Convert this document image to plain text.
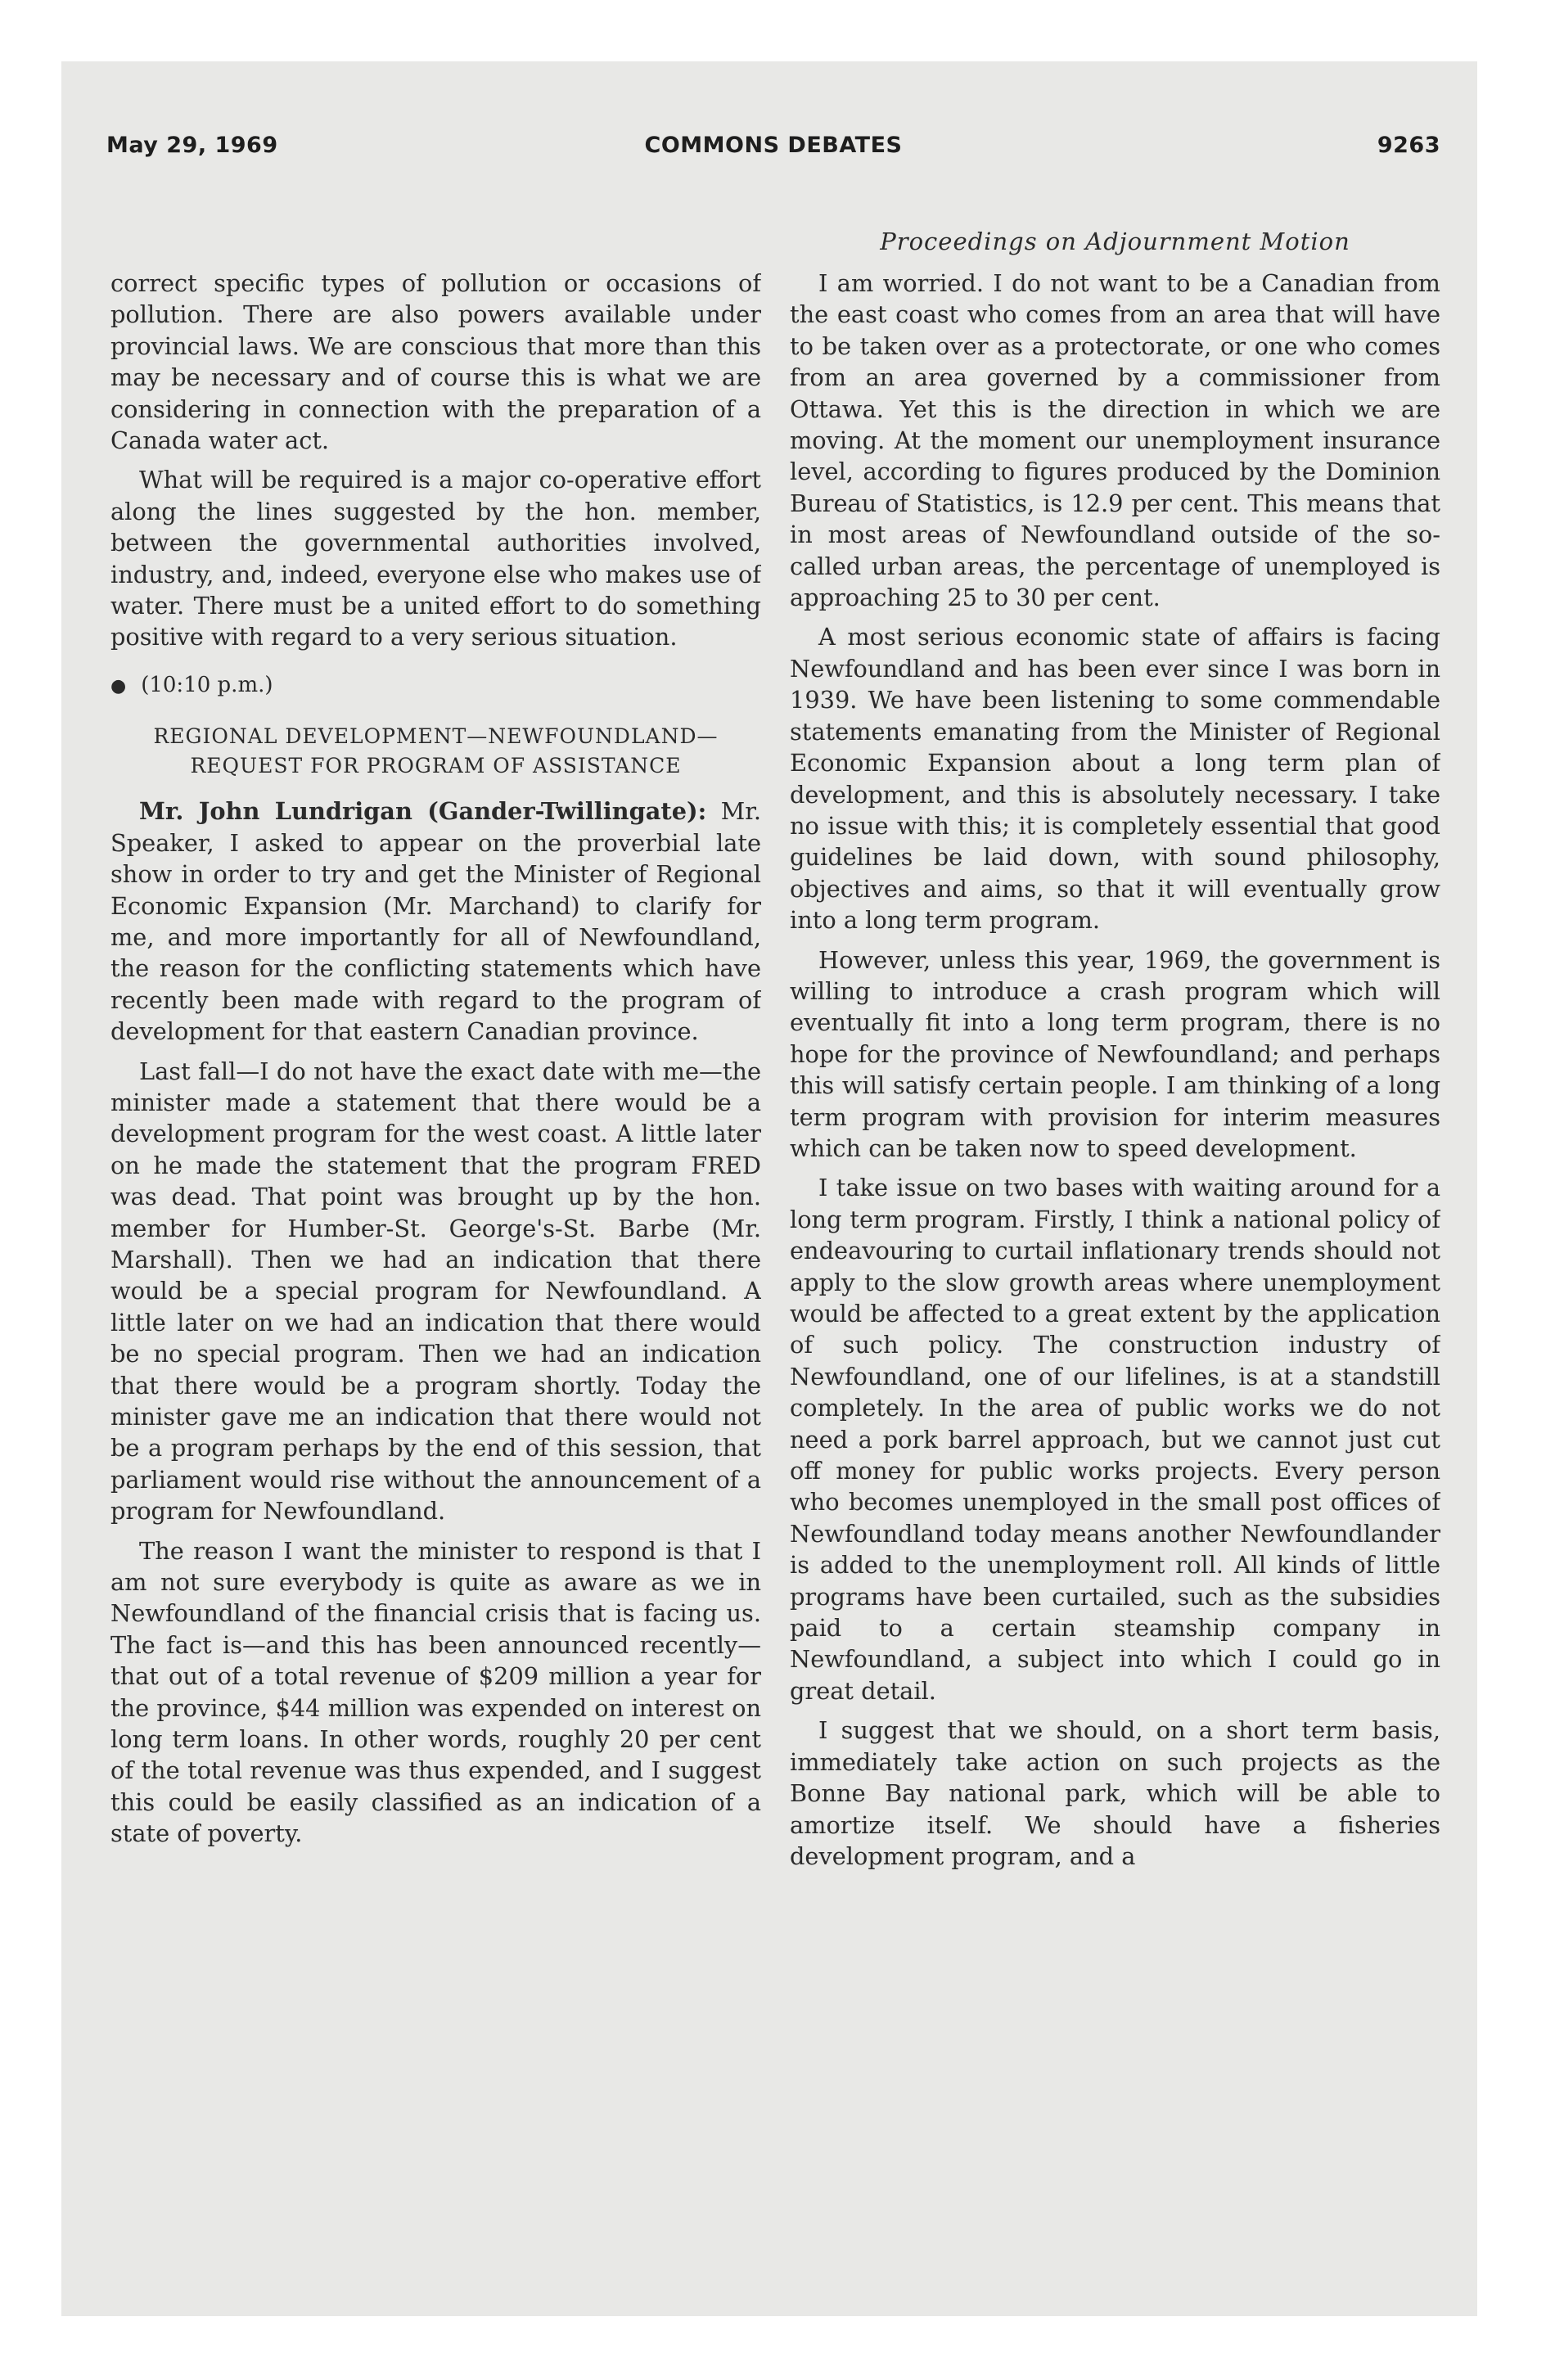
May 29, 1969	COMMONS DEBATES	9263
Proceedings on Adjournment Motion

correct specific types of pollution or occasions of pollution. There are also powers available under provincial laws. We are conscious that more than this may be necessary and of course this is what we are considering in connection with the preparation of a Canada water act.

What will be required is a major co-operative effort along the lines suggested by the hon. member, between the governmental authorities involved, industry, and, indeed, everyone else who makes use of water. There must be a united effort to do something positive with regard to a very serious situation.

● (10:10 p.m.)

REGIONAL DEVELOPMENT—NEWFOUNDLAND—REQUEST FOR PROGRAM OF ASSISTANCE

Mr. John Lundrigan (Gander-Twillingate): Mr. Speaker, I asked to appear on the proverbial late show in order to try and get the Minister of Regional Economic Expansion (Mr. Marchand) to clarify for me, and more importantly for all of Newfoundland, the reason for the conflicting statements which have recently been made with regard to the program of development for that eastern Canadian province.

Last fall—I do not have the exact date with me—the minister made a statement that there would be a development program for the west coast. A little later on he made the statement that the program FRED was dead. That point was brought up by the hon. member for Humber-St. George's-St. Barbe (Mr. Marshall). Then we had an indication that there would be a special program for Newfoundland. A little later on we had an indication that there would be no special program. Then we had an indication that there would be a program shortly. Today the minister gave me an indication that there would not be a program perhaps by the end of this session, that parliament would rise without the announcement of a program for Newfoundland.

The reason I want the minister to respond is that I am not sure everybody is quite as aware as we in Newfoundland of the financial crisis that is facing us. The fact is—and this has been announced recently—that out of a total revenue of $209 million a year for the province, $44 million was expended on interest on long term loans. In other words, roughly 20 per cent of the total revenue was thus expended, and I suggest this could be easily classified as an indication of a state of poverty.

I am worried. I do not want to be a Canadian from the east coast who comes from an area that will have to be taken over as a protectorate, or one who comes from an area governed by a commissioner from Ottawa. Yet this is the direction in which we are moving. At the moment our unemployment insurance level, according to figures produced by the Dominion Bureau of Statistics, is 12.9 per cent. This means that in most areas of Newfoundland outside of the so-called urban areas, the percentage of unemployed is approaching 25 to 30 per cent.

A most serious economic state of affairs is facing Newfoundland and has been ever since I was born in 1939. We have been listening to some commendable statements emanating from the Minister of Regional Economic Expansion about a long term plan of development, and this is absolutely necessary. I take no issue with this; it is completely essential that good guidelines be laid down, with sound philosophy, objectives and aims, so that it will eventually grow into a long term program.

However, unless this year, 1969, the government is willing to introduce a crash program which will eventually fit into a long term program, there is no hope for the province of Newfoundland; and perhaps this will satisfy certain people. I am thinking of a long term program with provision for interim measures which can be taken now to speed development.

I take issue on two bases with waiting around for a long term program. Firstly, I think a national policy of endeavouring to curtail inflationary trends should not apply to the slow growth areas where unemployment would be affected to a great extent by the application of such policy. The construction industry of Newfoundland, one of our lifelines, is at a standstill completely. In the area of public works we do not need a pork barrel approach, but we cannot just cut off money for public works projects. Every person who becomes unemployed in the small post offices of Newfoundland today means another Newfoundlander is added to the unemployment roll. All kinds of little programs have been curtailed, such as the subsidies paid to a certain steamship company in Newfoundland, a subject into which I could go in great detail.

I suggest that we should, on a short term basis, immediately take action on such projects as the Bonne Bay national park, which will be able to amortize itself. We should have a fisheries development program, and a
